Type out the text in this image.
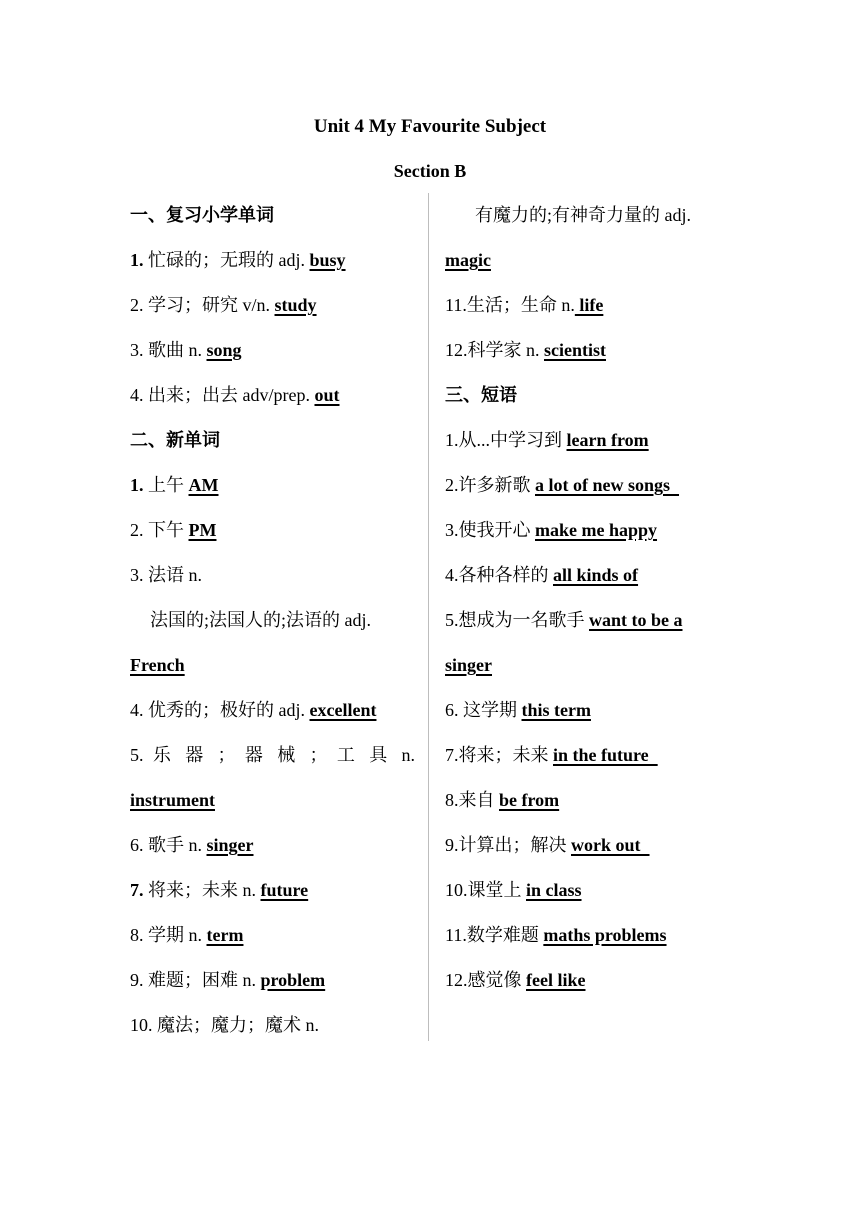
Unit 4 My Favourite Subject
Section B
一、复习小学单词
1. 忙碌的；无瑕的 adj. busy
2. 学习；研究 v/n. study
3. 歌曲 n. song
4. 出来；出去 adv/prep. out
二、新单词
1. 上午 AM
2. 下午 PM
3. 法语 n.
法国的;法国人的;法语的 adj.
French
4. 优秀的；极好的 adj. excellent
5. 乐 器 ； 器 械 ； 工 具 n.
instrument
6. 歌手 n. singer
7. 将来；未来 n. future
8. 学期 n. term
9. 难题；困难 n. problem
10. 魔法；魔力；魔术 n.
有魔力的;有神奇力量的 adj.
magic
11.生活；生命 n. life
12.科学家 n. scientist
三、短语
1.从...中学习到 learn from
2.许多新歌 a lot of new songs
3.使我开心 make me happy
4.各种各样的 all kinds of
5.想成为一名歌手 want to be a
singer
6. 这学期 this term
7.将来；未来 in the future
8.来自 be from
9.计算出；解决 work out
10.课堂上 in class
11.数学难题 maths problems
12.感觉像 feel like
